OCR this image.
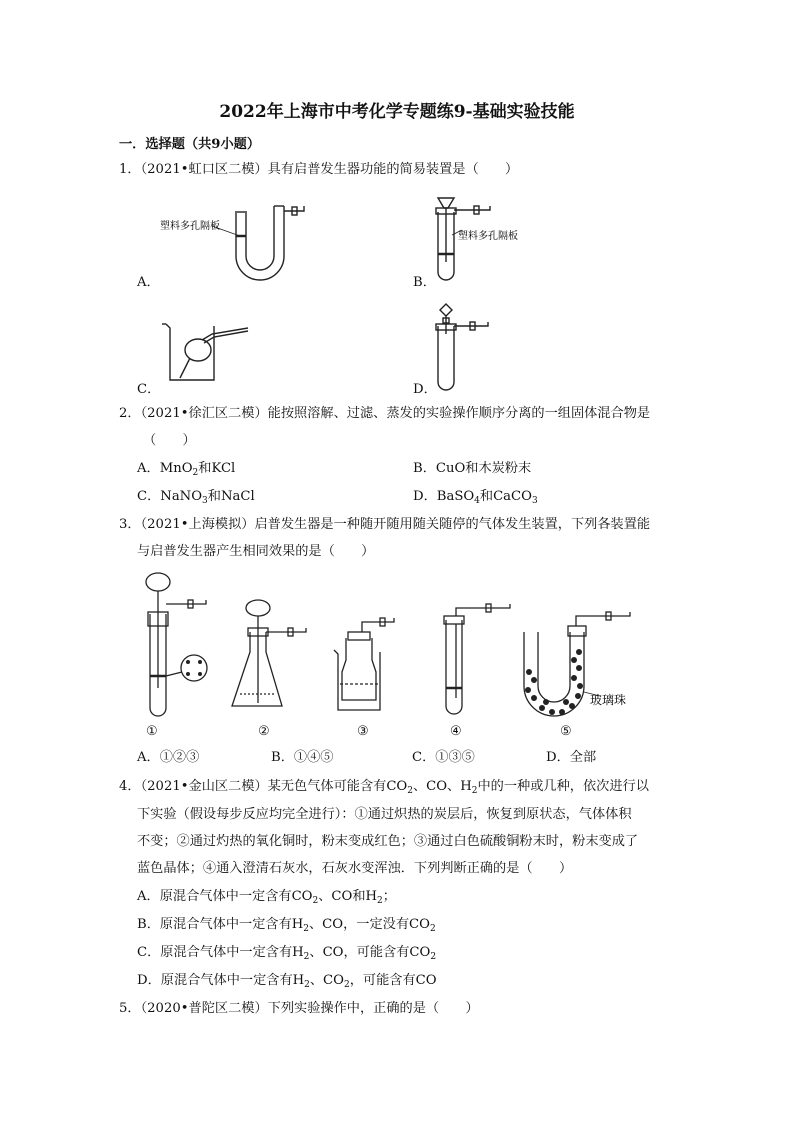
2022年上海市中考化学专题练9-基础实验技能
一．选择题（共9小题）
1．（2021•虹口区二模）具有启普发生器功能的简易装置是（　　）
塑料多孔隔板
A．
塑料多孔隔板
B．
C．	D．
2．（2021•徐汇区二模）能按照溶解、过滤、蒸发的实验操作顺序分离的一组固体混合物是
（　　）
A．MnO$_2$和KCl	B．CuO和木炭粉末
C．NaNO$_3$和NaCl	D．BaSO$_4$和CaCO$_3$
3．（2021•上海模拟）启普发生器是一种随开随用随关随停的气体发生装置，下列各装置能
与启普发生器产生相同效果的是（　　）
玻璃珠
①	②	③	④	⑤
A．①②③	B．①④⑤	C．①③⑤	D．全部
4．（2021•金山区二模）某无色气体可能含有$CO_2$、CO、$H_2$中的一种或几种，依次进行以
下实验（假设每步反应均完全进行）：①通过炽热的炭层后，恢复到原状态，气体体积
不变；②通过灼热的氧化铜时，粉末变成红色；③通过白色硫酸铜粉末时，粉末变成了
蓝色晶体；④通入澄清石灰水，石灰水变浑浊．下列判断正确的是（　　）
A．原混合气体中一定含有$CO_2$、CO和$H_2$；
B．原混合气体中一定含有$H_2$、CO，一定没有$CO_2$
C．原混合气体中一定含有$H_2$、CO，可能含有$CO_2$
D．原混合气体中一定含有$H_2$、$CO_2$，可能含有CO
5．（2020•普陀区二模）下列实验操作中，正确的是（　　）
